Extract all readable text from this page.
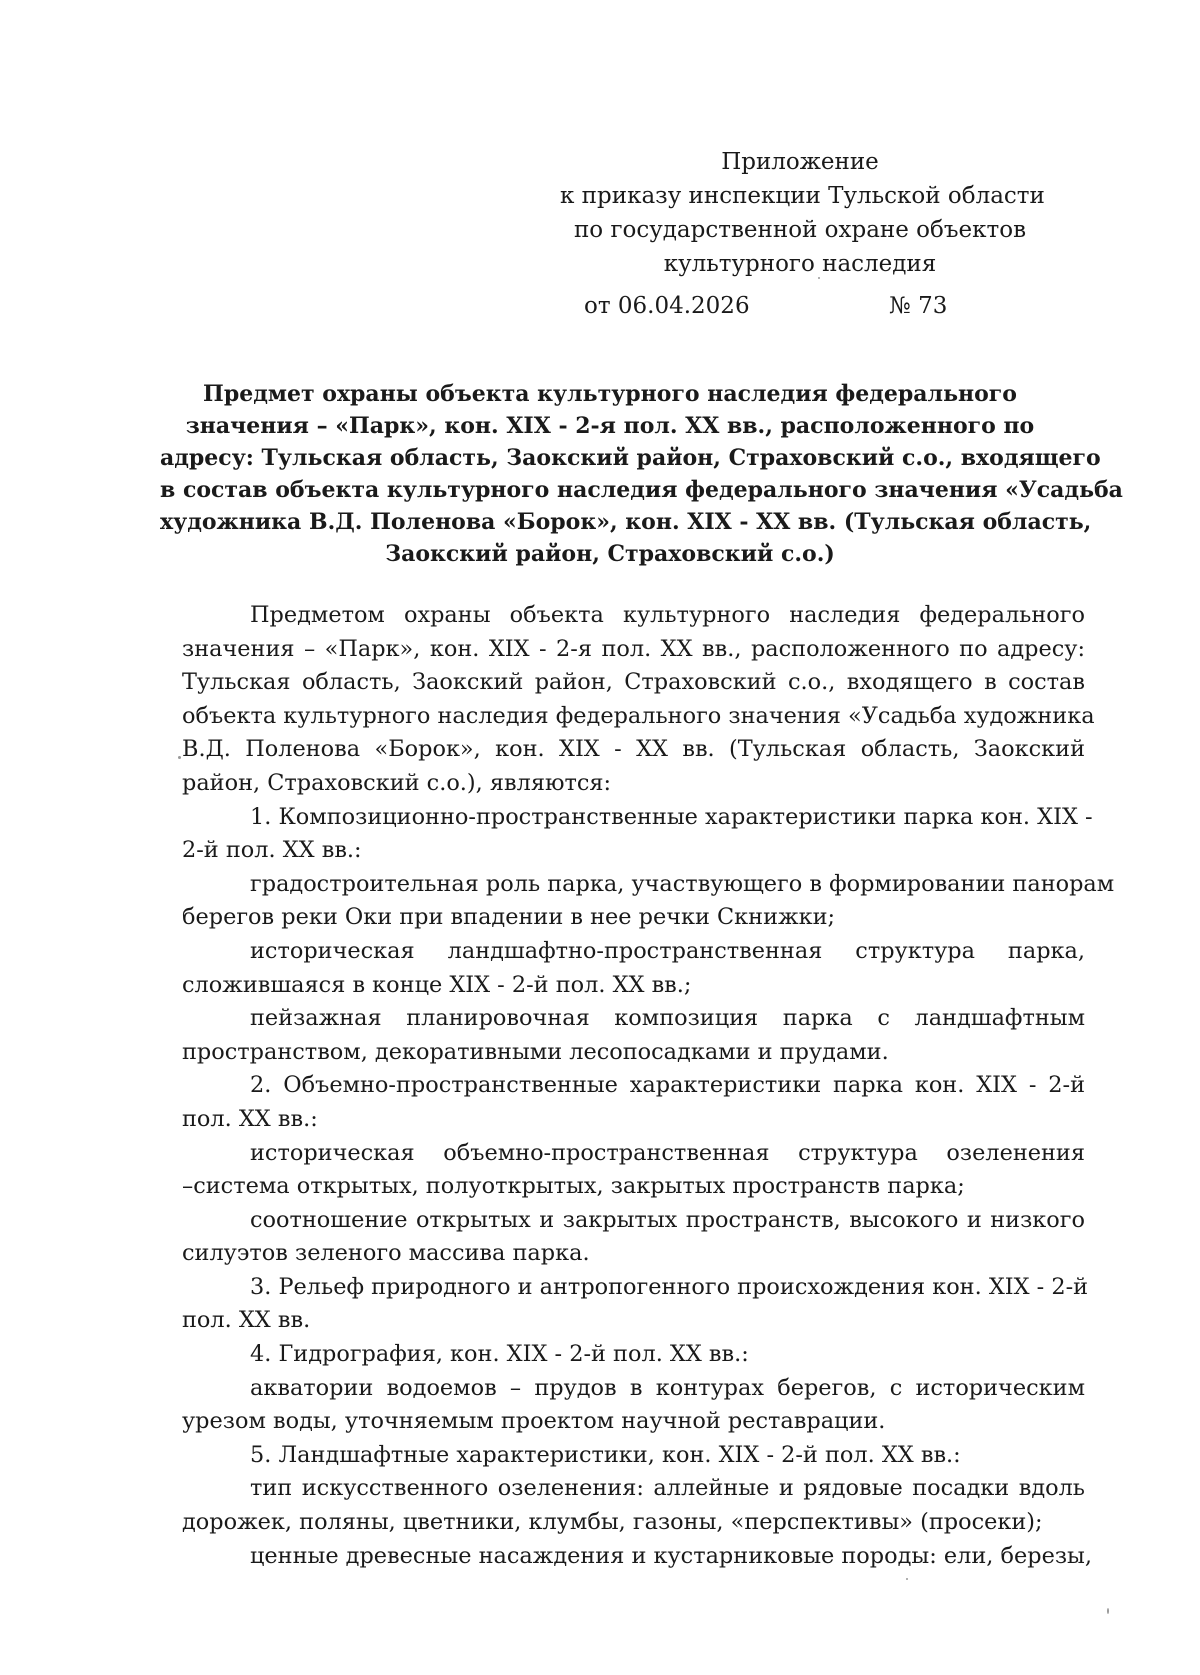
Приложение
к приказу инспекции Тульской области
по государственной охране объектов
культурного наследия
от 06.04.2026	№ 73
Предмет охраны объекта культурного наследия федерального
значения – «Парк», кон. XIX - 2-я пол. XX вв., расположенного по
адресу: Тульская область, Заокский район, Страховский с.о., входящего
в состав объекта культурного наследия федерального значения «Усадьба
художника В.Д. Поленова «Борок», кон. XIX - XX вв. (Тульская область,
Заокский район, Страховский с.о.)
Предметом охраны объекта культурного наследия федерального
значения – «Парк», кон. XIX - 2-я пол. XX вв., расположенного по адресу:
Тульская область, Заокский район, Страховский с.о., входящего в состав
объекта культурного наследия федерального значения «Усадьба художника
В.Д. Поленова «Борок», кон. XIX - XX вв. (Тульская область, Заокский
район, Страховский с.о.), являются:
1. Композиционно-пространственные характеристики парка кон. XIX -
2-й пол. XX вв.:
градостроительная роль парка, участвующего в формировании панорам
берегов реки Оки при впадении в нее речки Скнижки;
историческая ландшафтно-пространственная структура парка,
сложившаяся в конце XIX - 2-й пол. XX вв.;
пейзажная планировочная композиция парка с ландшафтным
пространством, декоративными лесопосадками и прудами.
2. Объемно-пространственные характеристики парка кон. XIX - 2-й
пол. XX вв.:
историческая объемно-пространственная структура озеленения
–система открытых, полуоткрытых, закрытых пространств парка;
соотношение открытых и закрытых пространств, высокого и низкого
силуэтов зеленого массива парка.
3. Рельеф природного и антропогенного происхождения кон. XIX - 2-й
пол. XX вв.
4. Гидрография, кон. XIX - 2-й пол. XX вв.:
акватории водоемов – прудов в контурах берегов, с историческим
урезом воды, уточняемым проектом научной реставрации.
5. Ландшафтные характеристики, кон. XIX - 2-й пол. XX вв.:
тип искусственного озеленения: аллейные и рядовые посадки вдоль
дорожек, поляны, цветники, клумбы, газоны, «перспективы» (просеки);
ценные древесные насаждения и кустарниковые породы: ели, березы,
